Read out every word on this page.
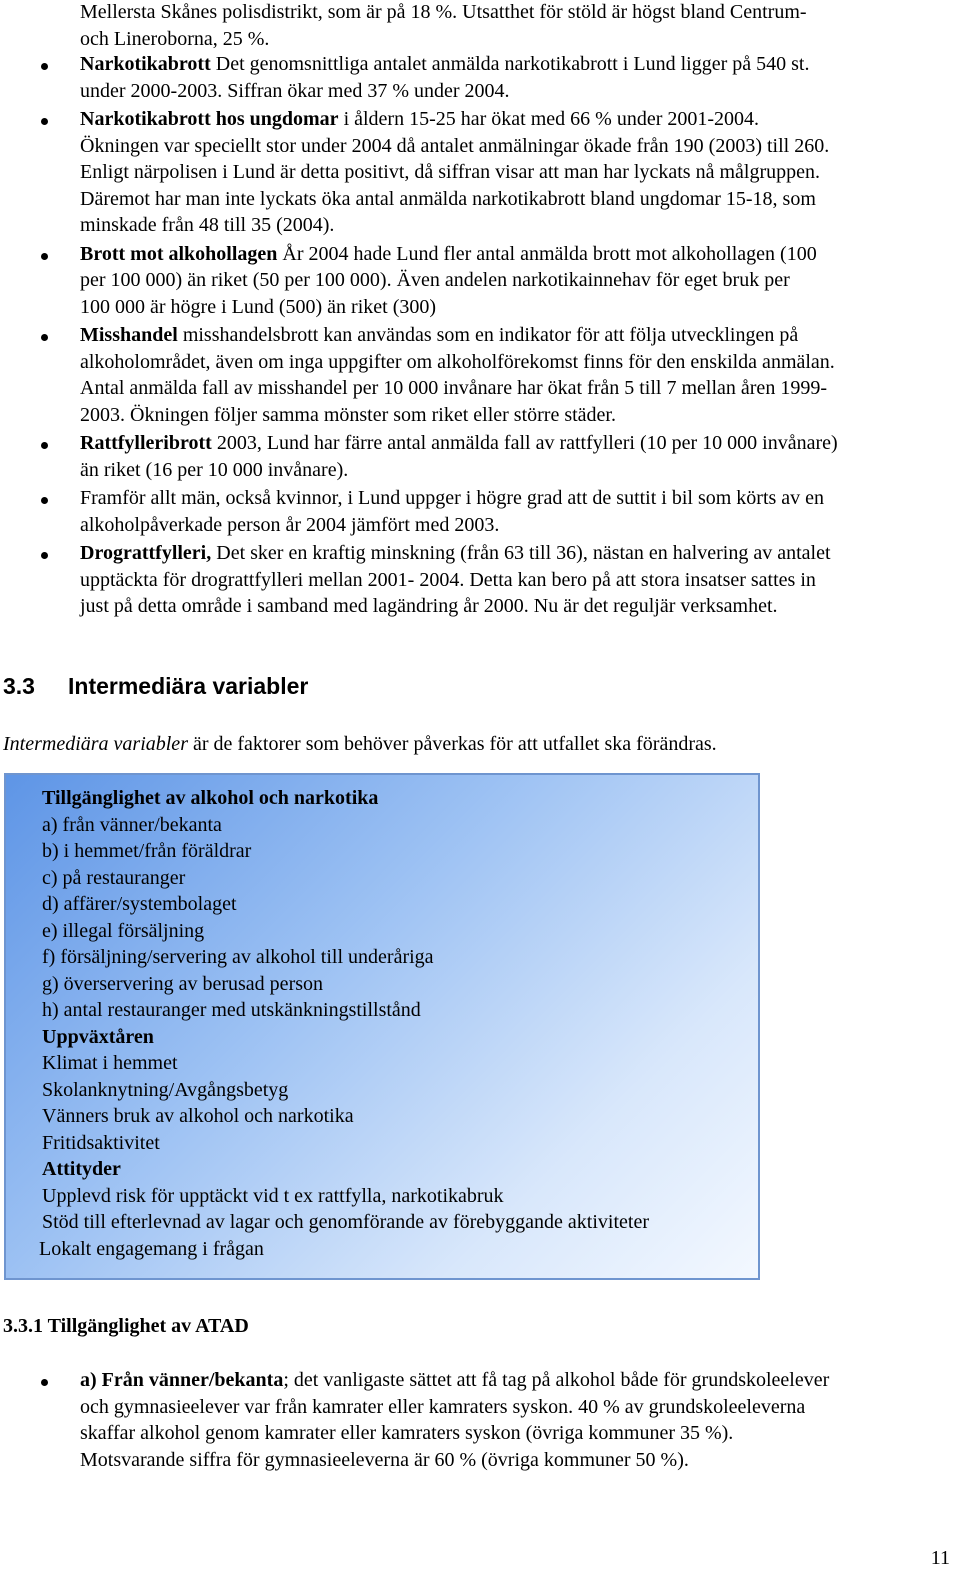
Mellersta Skånes polisdistrikt, som är på 18 %. Utsatthet för stöld är högst bland Centrum-
och Lineroborna, 25 %.
Narkotikabrott Det genomsnittliga antalet anmälda narkotikabrott i Lund ligger på 540 st.
under 2000-2003. Siffran ökar med 37 % under 2004.
Narkotikabrott hos ungdomar i åldern 15-25 har ökat med 66 % under 2001-2004.
Ökningen var speciellt stor under 2004 då antalet anmälningar ökade från 190 (2003) till 260.
Enligt närpolisen i Lund är detta positivt, då siffran visar att man har lyckats nå målgruppen.
Däremot har man inte lyckats öka antal anmälda narkotikabrott bland ungdomar 15-18, som
minskade från 48 till 35 (2004).
Brott mot alkohollagen År 2004 hade Lund fler antal anmälda brott mot alkohollagen (100
per 100 000) än riket (50 per 100 000). Även andelen narkotikainnehav för eget bruk per
100 000 är högre i Lund (500) än riket (300)
Misshandel misshandelsbrott kan användas som en indikator för att följa utvecklingen på
alkoholområdet, även om inga uppgifter om alkoholförekomst finns för den enskilda anmälan.
Antal anmälda fall av misshandel per 10 000 invånare har ökat från 5 till 7 mellan åren 1999-
2003. Ökningen följer samma mönster som riket eller större städer.
Rattfylleribrott 2003, Lund har färre antal anmälda fall av rattfylleri (10 per 10 000 invånare)
än riket (16 per 10 000 invånare).
Framför allt män, också kvinnor, i Lund uppger i högre grad att de suttit i bil som körts av en
alkoholpåverkade person år 2004 jämfört med 2003.
Drograttfylleri, Det sker en kraftig minskning (från 63 till 36), nästan en halvering av antalet
upptäckta för drograttfylleri mellan 2001- 2004. Detta kan bero på att stora insatser sattes in
just på detta område i samband med lagändring år 2000. Nu är det reguljär verksamhet.
3.3 Intermediära variabler
Intermediära variabler är de faktorer som behöver påverkas för att utfallet ska förändras.
Tillgänglighet av alkohol och narkotika
a) från vänner/bekanta
b) i hemmet/från föräldrar
c) på restauranger
d) affärer/systembolaget
e) illegal försäljning
f) försäljning/servering av alkohol till underåriga
g) överservering av berusad person
h) antal restauranger med utskänkningstillstånd
Uppväxtåren
Klimat i hemmet
Skolanknytning/Avgångsbetyg
Vänners bruk av alkohol och narkotika
Fritidsaktivitet
Attityder
Upplevd risk för upptäckt vid t ex rattfylla, narkotikabruk
Stöd till efterlevnad av lagar och genomförande av förebyggande aktiviteter
Lokalt engagemang i frågan
3.3.1 Tillgänglighet av ATAD
a) Från vänner/bekanta; det vanligaste sättet att få tag på alkohol både för grundskoleelever
och gymnasieelever var från kamrater eller kamraters syskon. 40 % av grundskoleeleverna
skaffar alkohol genom kamrater eller kamraters syskon (övriga kommuner 35 %).
Motsvarande siffra för gymnasieeleverna är 60 % (övriga kommuner 50 %).
11
